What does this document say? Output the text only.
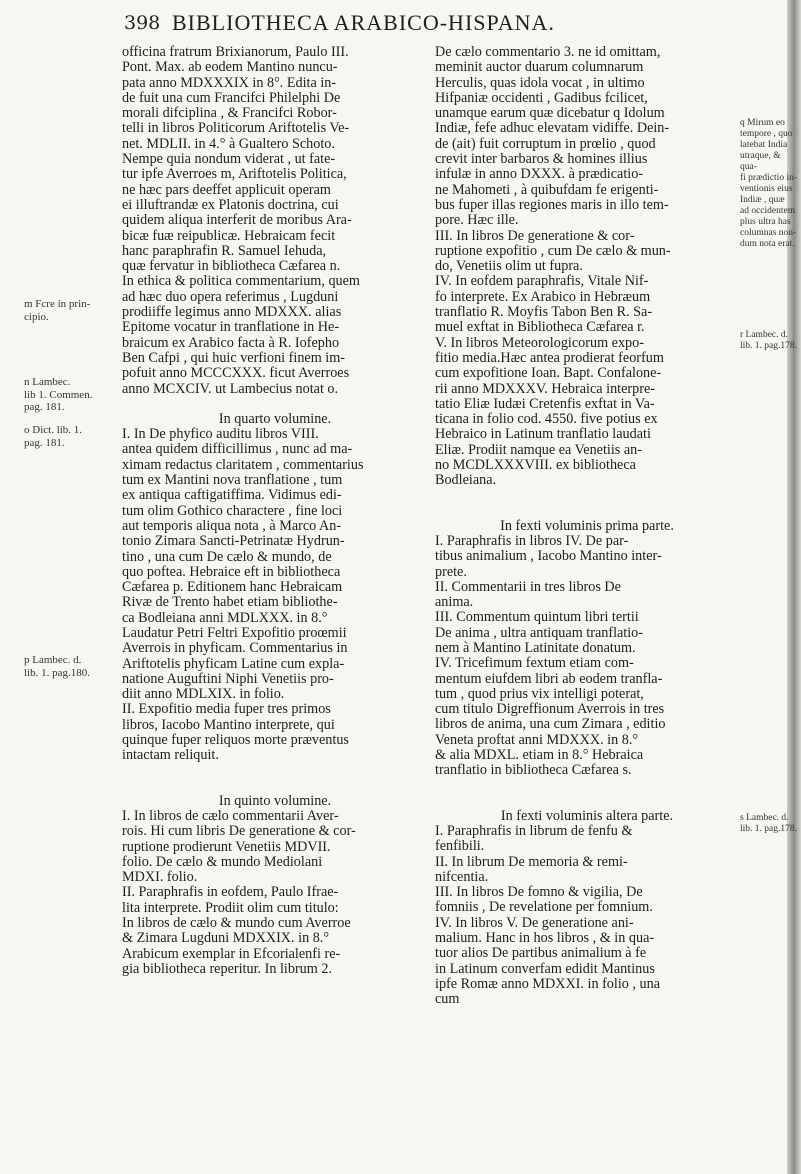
398 BIBLIOTHECA ARABICO-HISPANA.

officina fratrum Brixianorum, Paulo III.

Pont. Max. ab eodem Mantino nuncu-

pata anno MDXXXIX in 8°. Edita in-

de fuit una cum Francifci Philelphi De

morali difciplina , & Francifci Robor-

telli in libros Politicorum Ariftotelis Ve-

net. MDLII. in 4.° à Gualtero Schoto.

Nempe quia nondum viderat , ut fate-

tur ipfe Averroes m, Ariftotelis Politica,

ne hæc pars deeffet applicuit operam

ei illuftrandæ ex Platonis doctrina, cui

quidem aliqua interferit de moribus Ara-

bicæ fuæ reipublicæ. Hebraicam fecit

hanc paraphrafin R. Samuel Iehuda,

quæ fervatur in bibliotheca Cæfarea n.

In ethica & politica commentarium, quem

ad hæc duo opera referimus , Lugduni

prodiiffe legimus anno MDXXX. alias

Epitome vocatur in tranflatione in He-

braicum ex Arabico facta à R. Iofepho

Ben Cafpi , qui huic verfioni finem im-

pofuit anno MCCCXXX. ficut Averroes

anno MCXCIV. ut Lambecius notat o.

In quarto volumine.

I. In De phyfico auditu libros VIII.

antea quidem difficillimus , nunc ad ma-

ximam redactus claritatem , commentarius

tum ex Mantini nova tranflatione , tum

ex antiqua caftigatiffima. Vidimus edi-

tum olim Gothico charactere , fine loci

aut temporis aliqua nota , à Marco An-

tonio Zimara Sancti-Petrinatæ Hydrun-

tino , una cum De cælo & mundo, de

quo poftea. Hebraice eft in bibliotheca

Cæfarea p. Editionem hanc Hebraicam

Rivæ de Trento habet etiam bibliothe-

ca Bodleiana anni MDLXXX. in 8.°

Laudatur Petri Feltri Expofitio proœmii

Averrois in phyficam. Commentarius in

Ariftotelis phyficam Latine cum expla-

natione Auguftini Niphi Venetiis pro-

diit anno MDLXIX. in folio.

II. Expofitio media fuper tres primos

libros, Iacobo Mantino interprete, qui

quinque fuper reliquos morte præventus

intactam reliquit.

In quinto volumine.

I. In libros de cælo commentarii Aver-

rois. Hi cum libris De generatione & cor-

ruptione prodierunt Venetiis MDVII.

folio. De cælo & mundo Mediolani

MDXI. folio.

II. Paraphrafis in eofdem, Paulo Ifrae-

lita interprete. Prodiit olim cum titulo:

In libros de cælo & mundo cum Averroe

& Zimara Lugduni MDXXIX. in 8.°

Arabicum exemplar in Efcorialenfi re-

gia bibliotheca reperitur. In librum 2.

De cælo commentario 3. ne id omittam,

meminit auctor duarum columnarum

Herculis, quas idola vocat , in ultimo

Hifpaniæ occidenti , Gadibus fcilicet,

unamque earum quæ dicebatur q Idolum

Indiæ, fefe adhuc elevatam vidiffe. Dein-

de (ait) fuit corruptum in prœlio , quod

crevit inter barbaros & homines illius

infulæ in anno DXXX. à prædicatio-

ne Mahometi , à quibufdam fe erigenti-

bus fuper illas regiones maris in illo tem-

pore. Hæc ille.

III. In libros De generatione & cor-

ruptione expofitio , cum De cælo & mun-

do, Venetiis olim ut fupra.

IV. In eofdem paraphrafis, Vitale Nif-

fo interprete. Ex Arabico in Hebræum

tranflatio R. Moyfis Tabon Ben R. Sa-

muel exftat in Bibliotheca Cæfarea r.

V. In libros Meteorologicorum expo-

fitio media.Hæc antea prodierat feorfum

cum expofitione Ioan. Bapt. Confalone-

rii anno MDXXXV. Hebraica interpre-

tatio Eliæ Iudæi Cretenfis exftat in Va-

ticana in folio cod. 4550. five potius ex

Hebraico in Latinum tranflatio laudati

Eliæ. Prodiit namque ea Venetiis an-

no MCDLXXXVIII. ex bibliotheca

Bodleiana.

In fexti voluminis prima parte.

I. Paraphrafis in libros IV. De par-

tibus animalium , Iacobo Mantino inter-

prete.

II. Commentarii in tres libros De

anima.

III. Commentum quintum libri tertii

De anima , ultra antiquam tranflatio-

nem à Mantino Latinitate donatum.

IV. Tricefimum fextum etiam com-

mentum eiufdem libri ab eodem tranfla-

tum , quod prius vix intelligi poterat,

cum titulo Digreffionum Averrois in tres

libros de anima, una cum Zimara , editio

Veneta proftat anni MDXXX. in 8.°

& alia MDXL. etiam in 8.° Hebraica

tranflatio in bibliotheca Cæfarea s.

In fexti voluminis altera parte.

I. Paraphrafis in librum de fenfu &

fenfibili.

II. In librum De memoria & remi-

nifcentia.

III. In libros De fomno & vigilia, De

fomniis , De revelatione per fomnium.

IV. In libros V. De generatione ani-

malium. Hanc in hos libros , & in qua-

tuor alios De partibus animalium à fe

in Latinum converfam edidit Mantinus

ipfe Romæ anno MDXXI. in folio , una

cum

m Fcre in prin-
cipio.
n Lambec.
lib 1. Commen.
pag. 181.
o Dict. lib. 1.
pag. 181.
p Lambec. d.
lib. 1. pag.180.
q Mirum eo
tempore , quo
latebat India
utraque, & qua-
fi prædictio in-
ventionis eius
Indiæ , quæ
ad occidentem
plus ultra has
columnas non-
dum nota erat.
r Lambec. d.
lib. 1. pag.178.
s Lambec. d.
lib. 1. pag.178.
